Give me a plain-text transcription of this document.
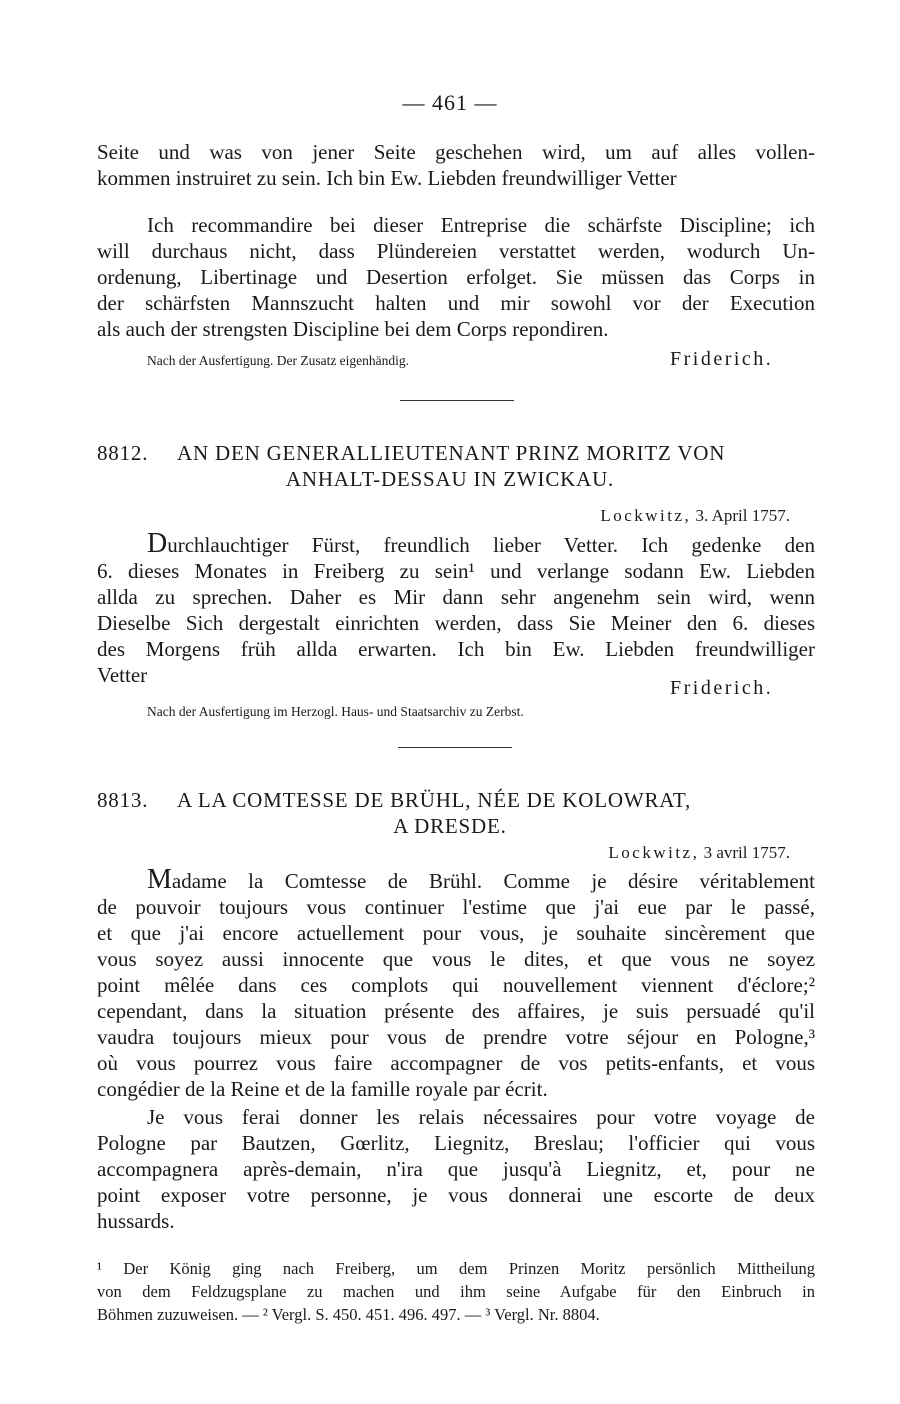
— 461 —
Seite und was von jener Seite geschehen wird, um auf alles vollen-
kommen instruiret zu sein. Ich bin Ew. Liebden freundwilliger Vetter
Ich recommandire bei dieser Entreprise die schärfste Discipline; ich
will durchaus nicht, dass Plündereien verstattet werden, wodurch Un-
ordenung, Libertinage und Desertion erfolget. Sie müssen das Corps in
der schärfsten Mannszucht halten und mir sowohl vor der Execution
als auch der strengsten Discipline bei dem Corps repondiren.
Nach der Ausfertigung. Der Zusatz eigenhändig.	Friderich.
8812. AN DEN GENERALLIEUTENANT PRINZ MORITZ VON
ANHALT-DESSAU IN ZWICKAU.
Lockwitz, 3. April 1757.
Durchlauchtiger Fürst, freundlich lieber Vetter. Ich gedenke den
6. dieses Monates in Freiberg zu sein¹ und verlange sodann Ew. Liebden
allda zu sprechen. Daher es Mir dann sehr angenehm sein wird, wenn
Dieselbe Sich dergestalt einrichten werden, dass Sie Meiner den 6. dieses
des Morgens früh allda erwarten. Ich bin Ew. Liebden freundwilliger
Vetter
Friderich.
Nach der Ausfertigung im Herzogl. Haus- und Staatsarchiv zu Zerbst.
8813. A LA COMTESSE DE BRÜHL, NÉE DE KOLOWRAT,
A DRESDE.
Lockwitz, 3 avril 1757.
Madame la Comtesse de Brühl. Comme je désire véritablement
de pouvoir toujours vous continuer l'estime que j'ai eue par le passé,
et que j'ai encore actuellement pour vous, je souhaite sincèrement que
vous soyez aussi innocente que vous le dites, et que vous ne soyez
point mêlée dans ces complots qui nouvellement viennent d'éclore;²
cependant, dans la situation présente des affaires, je suis persuadé qu'il
vaudra toujours mieux pour vous de prendre votre séjour en Pologne,³
où vous pourrez vous faire accompagner de vos petits-enfants, et vous
congédier de la Reine et de la famille royale par écrit.
Je vous ferai donner les relais nécessaires pour votre voyage de
Pologne par Bautzen, Gœrlitz, Liegnitz, Breslau; l'officier qui vous
accompagnera après-demain, n'ira que jusqu'à Liegnitz, et, pour ne
point exposer votre personne, je vous donnerai une escorte de deux
hussards.
¹ Der König ging nach Freiberg, um dem Prinzen Moritz persönlich Mittheilung
von dem Feldzugsplane zu machen und ihm seine Aufgabe für den Einbruch in
Böhmen zuzuweisen. — ² Vergl. S. 450. 451. 496. 497. — ³ Vergl. Nr. 8804.
